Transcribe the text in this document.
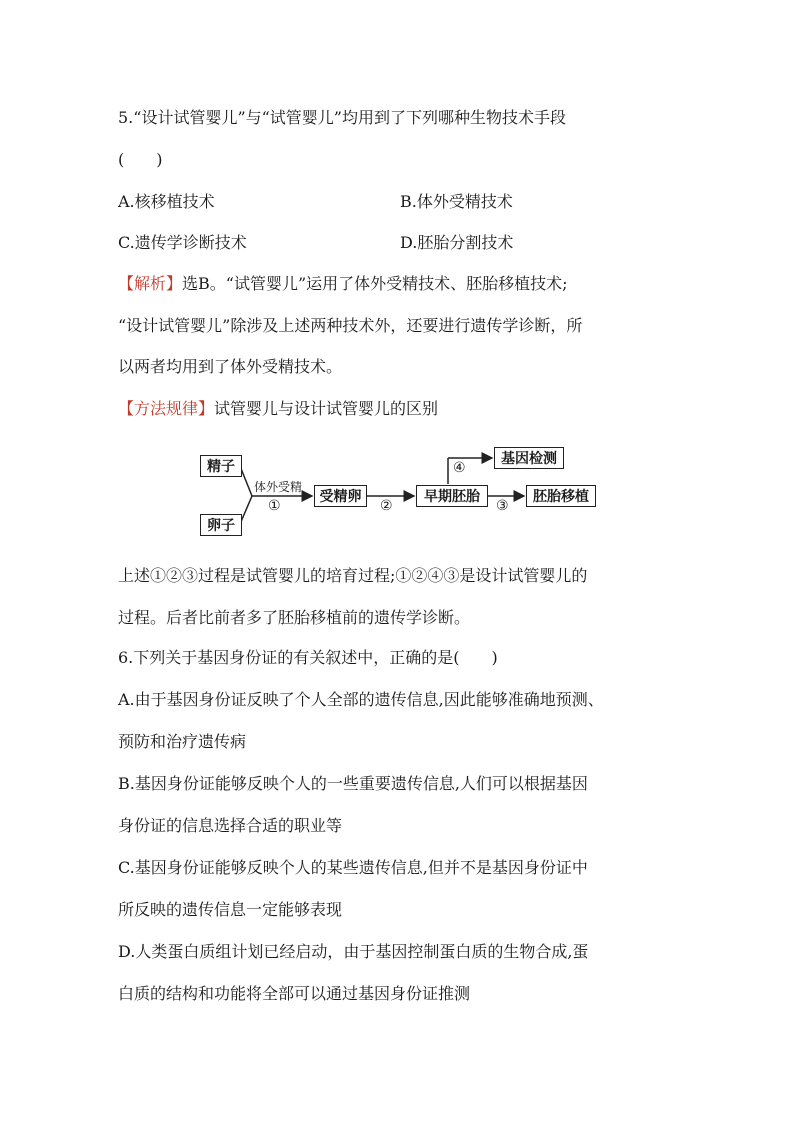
5.“设计试管婴儿”与“试管婴儿”均用到了下列哪种生物技术手段
(　　)
A.核移植技术	B.体外受精技术
C.遗传学诊断技术	D.胚胎分割技术
【解析】选B。“试管婴儿”运用了体外受精技术、胚胎移植技术;
“设计试管婴儿”除涉及上述两种技术外，还要进行遗传学诊断，所
以两者均用到了体外受精技术。
【方法规律】试管婴儿与设计试管婴儿的区别
精子
卵子
体外受精
①
受精卵
②
早期胚胎
④
基因检测
③
胚胎移植
上述①②③过程是试管婴儿的培育过程;①②④③是设计试管婴儿的
过程。后者比前者多了胚胎移植前的遗传学诊断。
6.下列关于基因身份证的有关叙述中，正确的是(　　)
A.由于基因身份证反映了个人全部的遗传信息,因此能够准确地预测、
预防和治疗遗传病
B.基因身份证能够反映个人的一些重要遗传信息,人们可以根据基因
身份证的信息选择合适的职业等
C.基因身份证能够反映个人的某些遗传信息,但并不是基因身份证中
所反映的遗传信息一定能够表现
D.人类蛋白质组计划已经启动，由于基因控制蛋白质的生物合成,蛋
白质的结构和功能将全部可以通过基因身份证推测
